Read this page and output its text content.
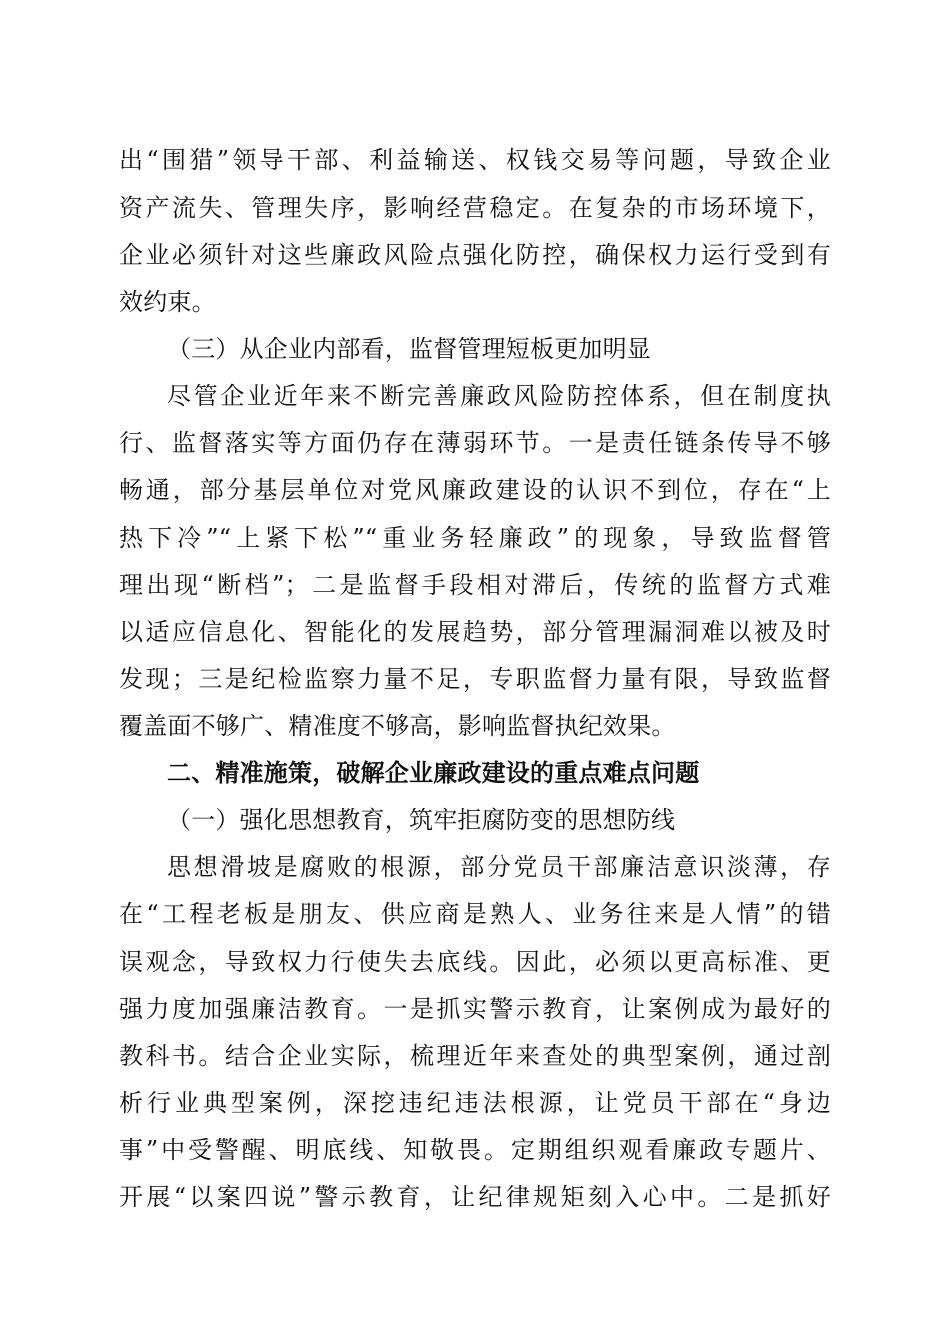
出“围猎”领导干部、利益输送、权钱交易等问题，导致企业
资产流失、管理失序，影响经营稳定。在复杂的市场环境下，
企业必须针对这些廉政风险点强化防控，确保权力运行受到有
效约束。
（三）从企业内部看，监督管理短板更加明显
尽管企业近年来不断完善廉政风险防控体系，但在制度执
行、监督落实等方面仍存在薄弱环节。一是责任链条传导不够
畅通，部分基层单位对党风廉政建设的认识不到位，存在“上
热下冷”“上紧下松”“重业务轻廉政”的现象，导致监督管
理出现“断档”；二是监督手段相对滞后，传统的监督方式难
以适应信息化、智能化的发展趋势，部分管理漏洞难以被及时
发现；三是纪检监察力量不足，专职监督力量有限，导致监督
覆盖面不够广、精准度不够高，影响监督执纪效果。
二、精准施策，破解企业廉政建设的重点难点问题
（一）强化思想教育，筑牢拒腐防变的思想防线
思想滑坡是腐败的根源，部分党员干部廉洁意识淡薄，存
在“工程老板是朋友、供应商是熟人、业务往来是人情”的错
误观念，导致权力行使失去底线。因此，必须以更高标准、更
强力度加强廉洁教育。一是抓实警示教育，让案例成为最好的
教科书。结合企业实际，梳理近年来查处的典型案例，通过剖
析行业典型案例，深挖违纪违法根源，让党员干部在“身边
事”中受警醒、明底线、知敬畏。定期组织观看廉政专题片、
开展“以案四说”警示教育，让纪律规矩刻入心中。二是抓好
